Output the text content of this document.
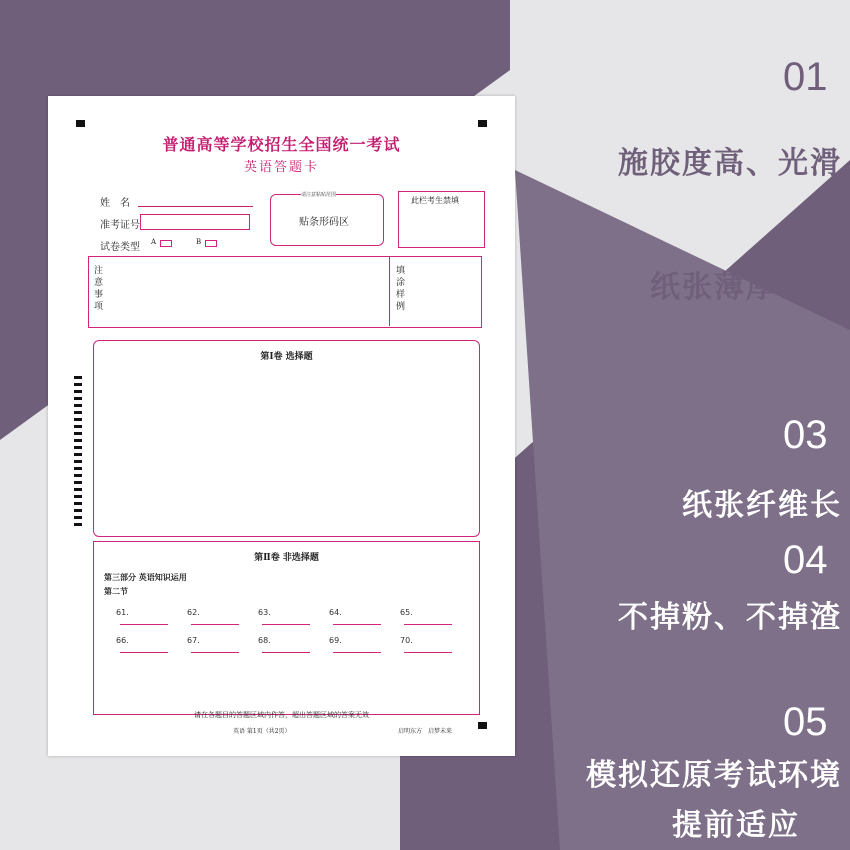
01
施胶度高、光滑
02
纸张薄厚均匀
03
纸张纤维长
04
不掉粉、不掉渣
05
模拟还原考试环境
提前适应
普通高等学校招生全国统一考试
英语答题卡
姓　名
准考证号
试卷类型 A	B
请注意粘贴范围
贴条形码区
此栏考生禁填
注意事项
填涂样例
第Ⅰ卷 选择题
第Ⅱ卷 非选择题
第三部分 英语知识运用
第二节
61.	62.	63.	64.	65.
66.	67.	68.	69.	70.
请在各题目的答题区域内作答，超出答题区域的答案无效
英语 第1页（共2页）	启明东方　启梦未来
